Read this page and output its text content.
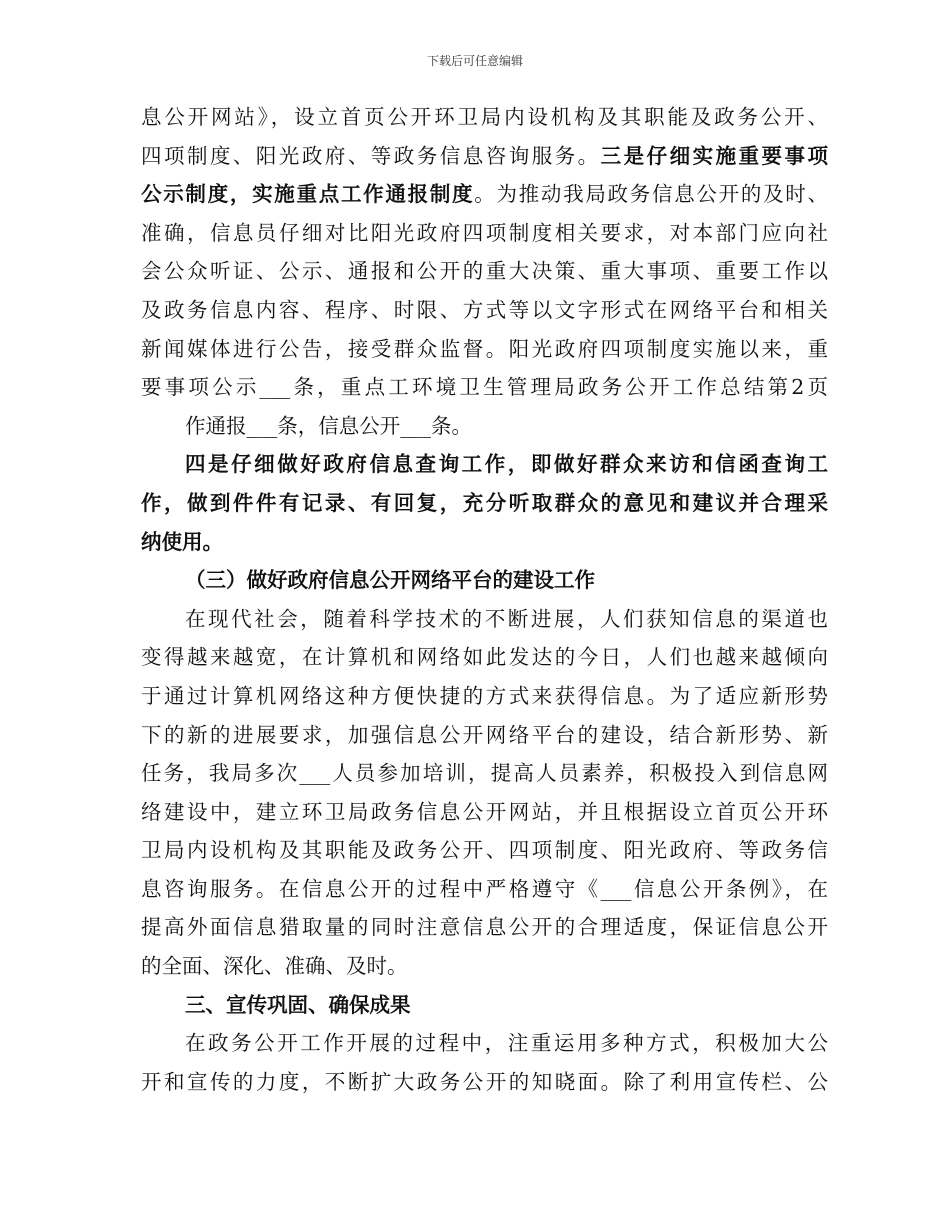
下载后可任意编辑
息公开网站》，设立首页公开环卫局内设机构及其职能及政务公开、
四项制度、阳光政府、等政务信息咨询服务。三是仔细实施重要事项
公示制度，实施重点工作通报制度。为推动我局政务信息公开的及时、
准确，信息员仔细对比阳光政府四项制度相关要求，对本部门应向社
会公众听证、公示、通报和公开的重大决策、重大事项、重要工作以
及政务信息内容、程序、时限、方式等以文字形式在网络平台和相关
新闻媒体进行公告，接受群众监督。阳光政府四项制度实施以来，重
要事项公示___条，重点工环境卫生管理局政务公开工作总结第2页
作通报___条，信息公开___条。
四是仔细做好政府信息查询工作，即做好群众来访和信函查询工
作，做到件件有记录、有回复，充分听取群众的意见和建议并合理采
纳使用。
（三）做好政府信息公开网络平台的建设工作
在现代社会，随着科学技术的不断进展，人们获知信息的渠道也
变得越来越宽，在计算机和网络如此发达的今日，人们也越来越倾向
于通过计算机网络这种方便快捷的方式来获得信息。为了适应新形势
下的新的进展要求，加强信息公开网络平台的建设，结合新形势、新
任务，我局多次___人员参加培训，提高人员素养，积极投入到信息网
络建设中，建立环卫局政务信息公开网站，并且根据设立首页公开环
卫局内设机构及其职能及政务公开、四项制度、阳光政府、等政务信
息咨询服务。在信息公开的过程中严格遵守《___信息公开条例》，在
提高外面信息猎取量的同时注意信息公开的合理适度，保证信息公开
的全面、深化、准确、及时。
三、宣传巩固、确保成果
在政务公开工作开展的过程中，注重运用多种方式，积极加大公
开和宣传的力度，不断扩大政务公开的知晓面。除了利用宣传栏、公
